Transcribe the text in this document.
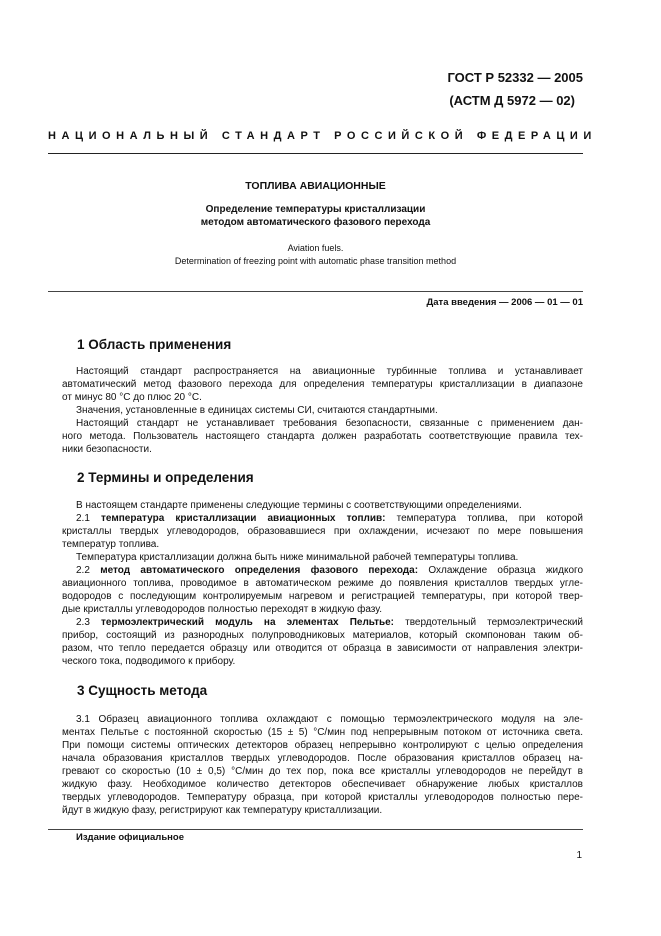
ГОСТ Р 52332 — 2005
(АСТМ Д 5972 — 02)
НАЦИОНАЛЬНЫЙ СТАНДАРТ РОССИЙСКОЙ ФЕДЕРАЦИИ
ТОПЛИВА АВИАЦИОННЫЕ
Определение температуры кристаллизации
методом автоматического фазового перехода
Aviation fuels.
Determination of freezing point with automatic phase transition method
Дата введения — 2006 — 01 — 01
1 Область применения
Настоящий стандарт распространяется на авиационные турбинные топлива и устанавливает
автоматический метод фазового перехода для определения температуры кристаллизации в диапазоне
от минус 80 °С до плюс 20 °С.
Значения, установленные в единицах системы СИ, считаются стандартными.
Настоящий стандарт не устанавливает требования безопасности, связанные с применением дан-
ного метода. Пользователь настоящего стандарта должен разработать соответствующие правила тех-
ники безопасности.
2 Термины и определения
В настоящем стандарте применены следующие термины с соответствующими определениями.
2.1 температура кристаллизации авиационных топлив: температура топлива, при которой
кристаллы твердых углеводородов, образовавшиеся при охлаждении, исчезают по мере повышения
температур топлива.
Температура кристаллизации должна быть ниже минимальной рабочей температуры топлива.
2.2 метод автоматического определения фазового перехода: Охлаждение образца жидкого
авиационного топлива, проводимое в автоматическом режиме до появления кристаллов твердых угле-
водородов с последующим контролируемым нагревом и регистрацией температуры, при которой твер-
дые кристаллы углеводородов полностью переходят в жидкую фазу.
2.3 термоэлектрический модуль на элементах Пельтье: твердотельный термоэлектрический
прибор, состоящий из разнородных полупроводниковых материалов, который скомпонован таким об-
разом, что тепло передается образцу или отводится от образца в зависимости от направления электри-
ческого тока, подводимого к прибору.
3 Сущность метода
3.1 Образец авиационного топлива охлаждают с помощью термоэлектрического модуля на эле-
ментах Пельтье с постоянной скоростью (15 ± 5) °С/мин под непрерывным потоком от источника света.
При помощи системы оптических детекторов образец непрерывно контролируют с целью определения
начала образования кристаллов твердых углеводородов. После образования кристаллов образец на-
гревают со скоростью (10 ± 0,5) °С/мин до тех пор, пока все кристаллы углеводородов не перейдут в
жидкую фазу. Необходимое количество детекторов обеспечивает обнаружение любых кристаллов
твердых углеводородов. Температуру образца, при которой кристаллы углеводородов полностью пере-
йдут в жидкую фазу, регистрируют как температуру кристаллизации.
Издание официальное
1
